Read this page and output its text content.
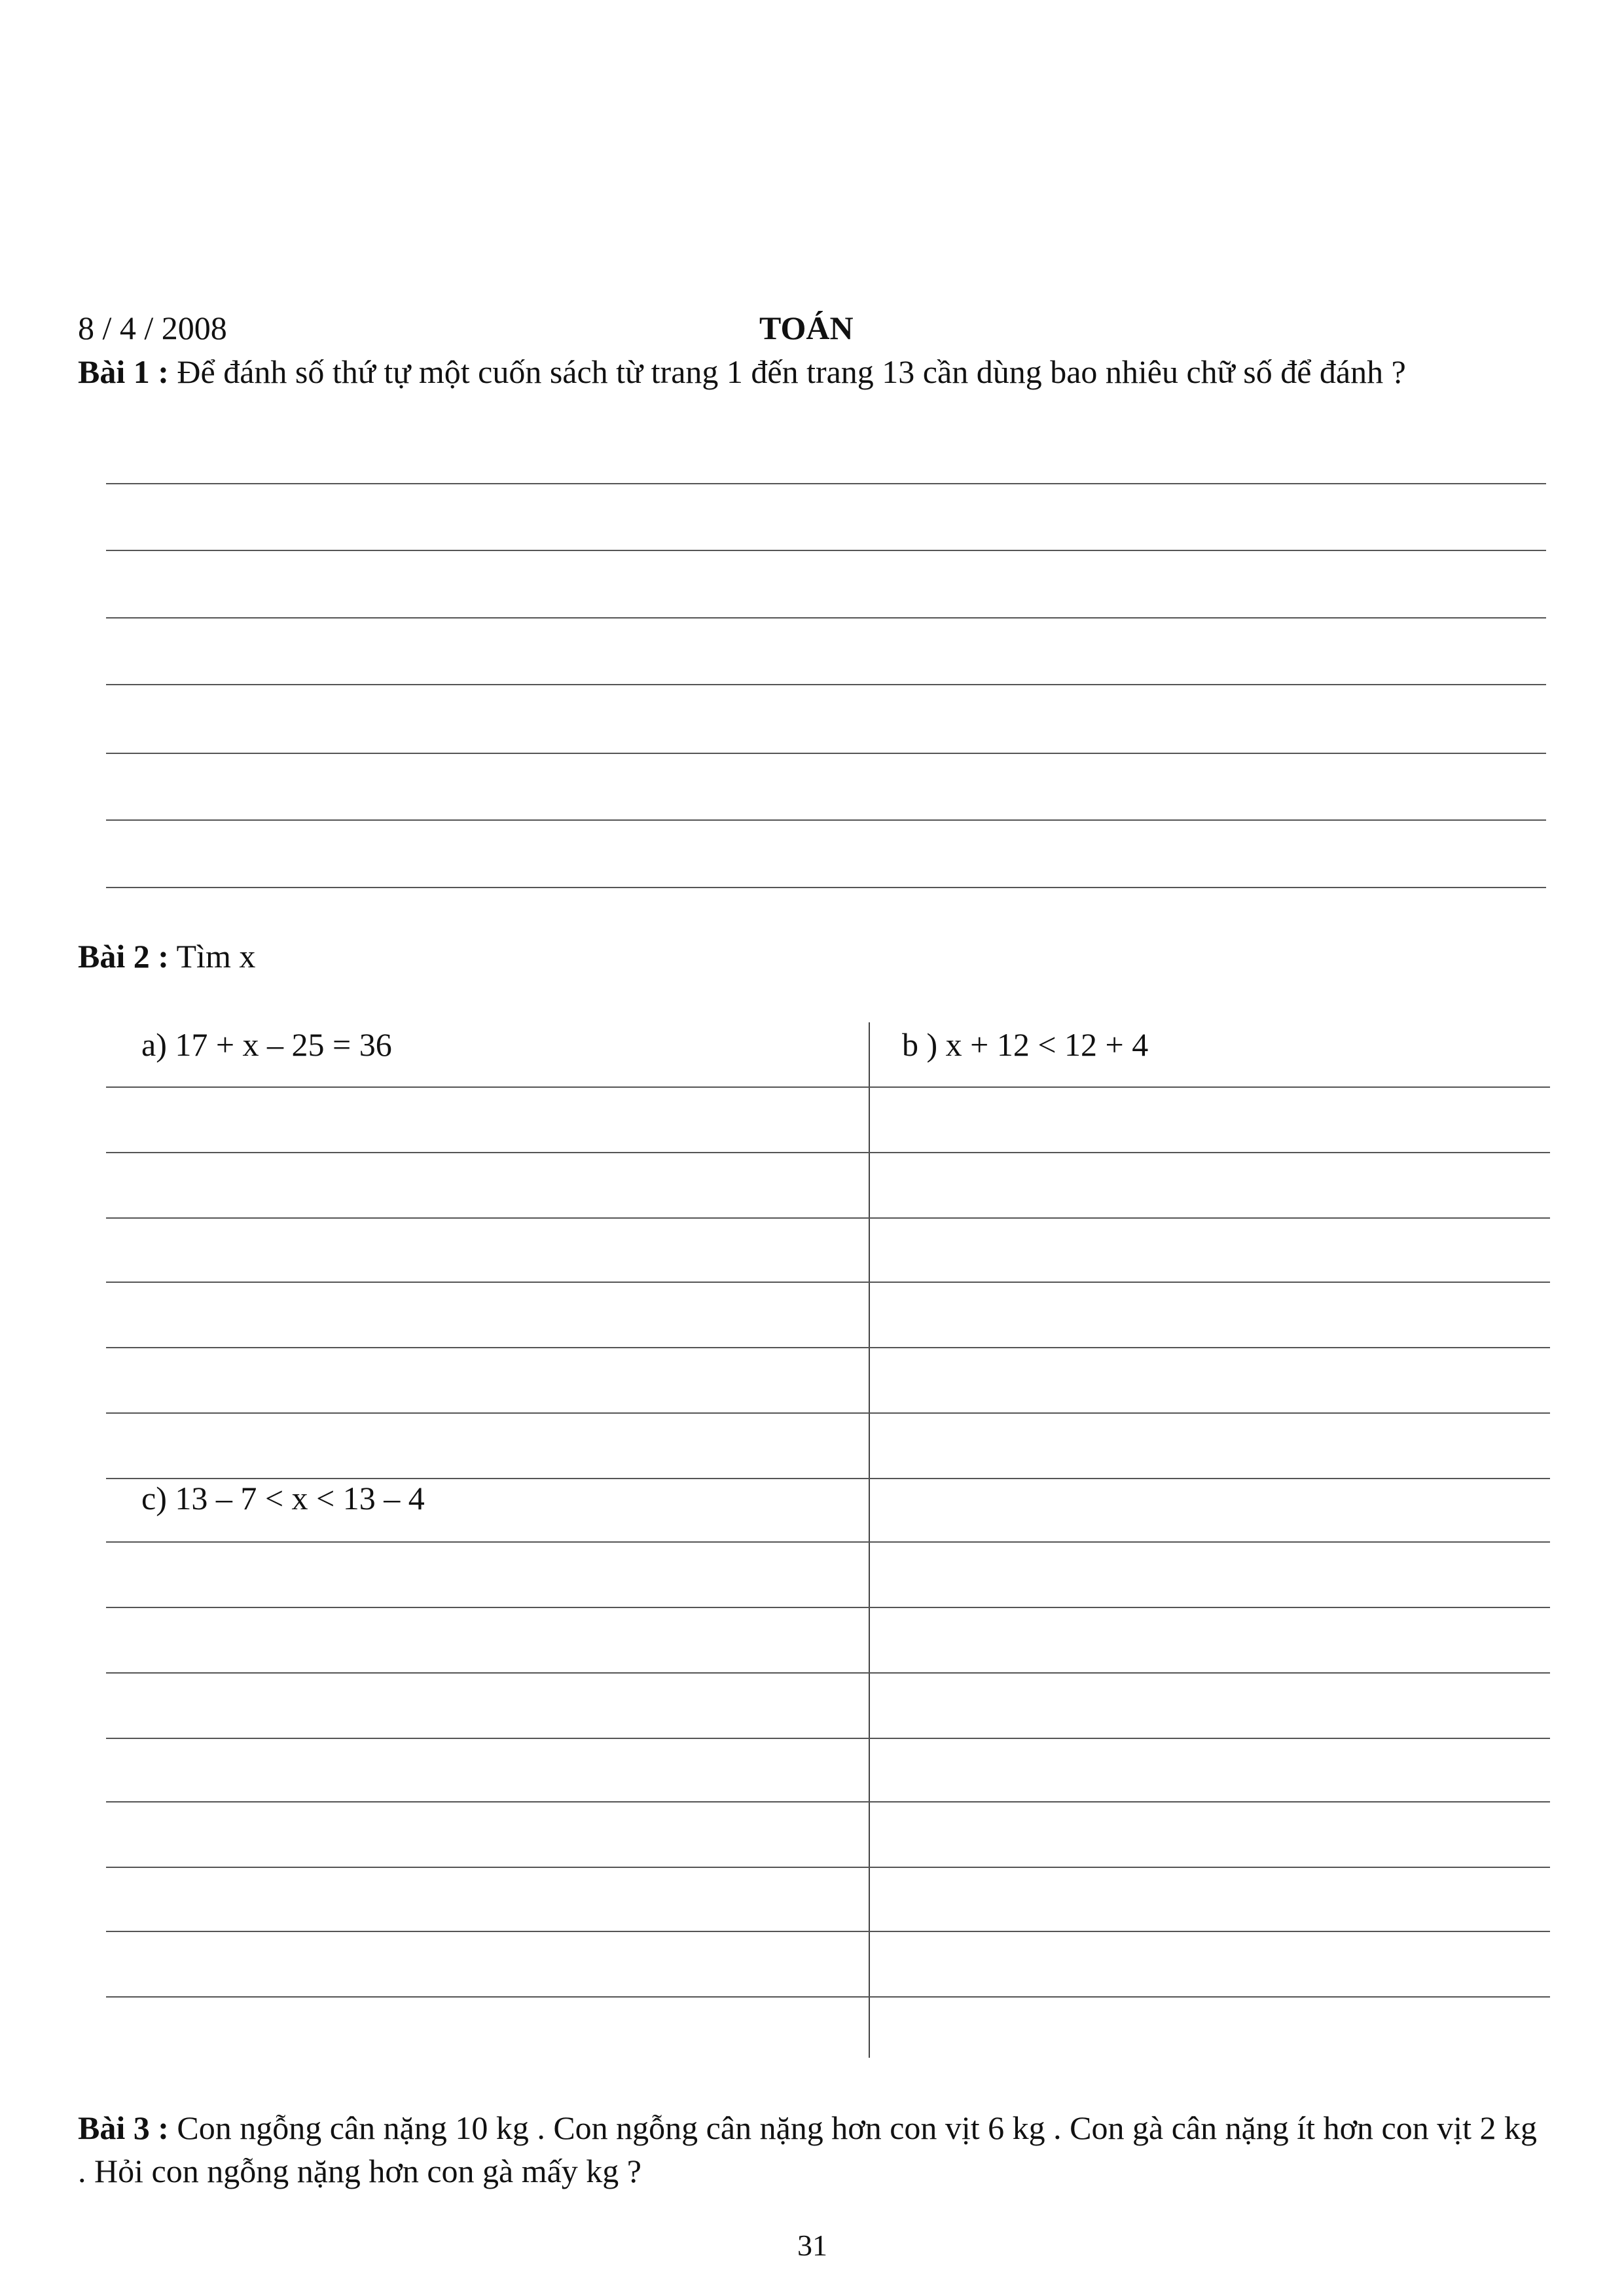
8 / 4 / 2008	TOÁN
Bài 1 : Để đánh số thứ tự một cuốn sách từ trang 1 đến trang 13 cần dùng bao nhiêu chữ số để đánh ?
Bài 2 : Tìm x
a) 17 + x – 25 = 36	b ) x + 12 < 12 + 4
c) 13 – 7 < x < 13 – 4
Bài 3 : Con ngỗng cân nặng 10 kg . Con ngỗng cân nặng hơn con vịt 6 kg . Con gà cân nặng ít hơn con vịt 2 kg . Hỏi con ngỗng nặng hơn con gà mấy kg ?
31
